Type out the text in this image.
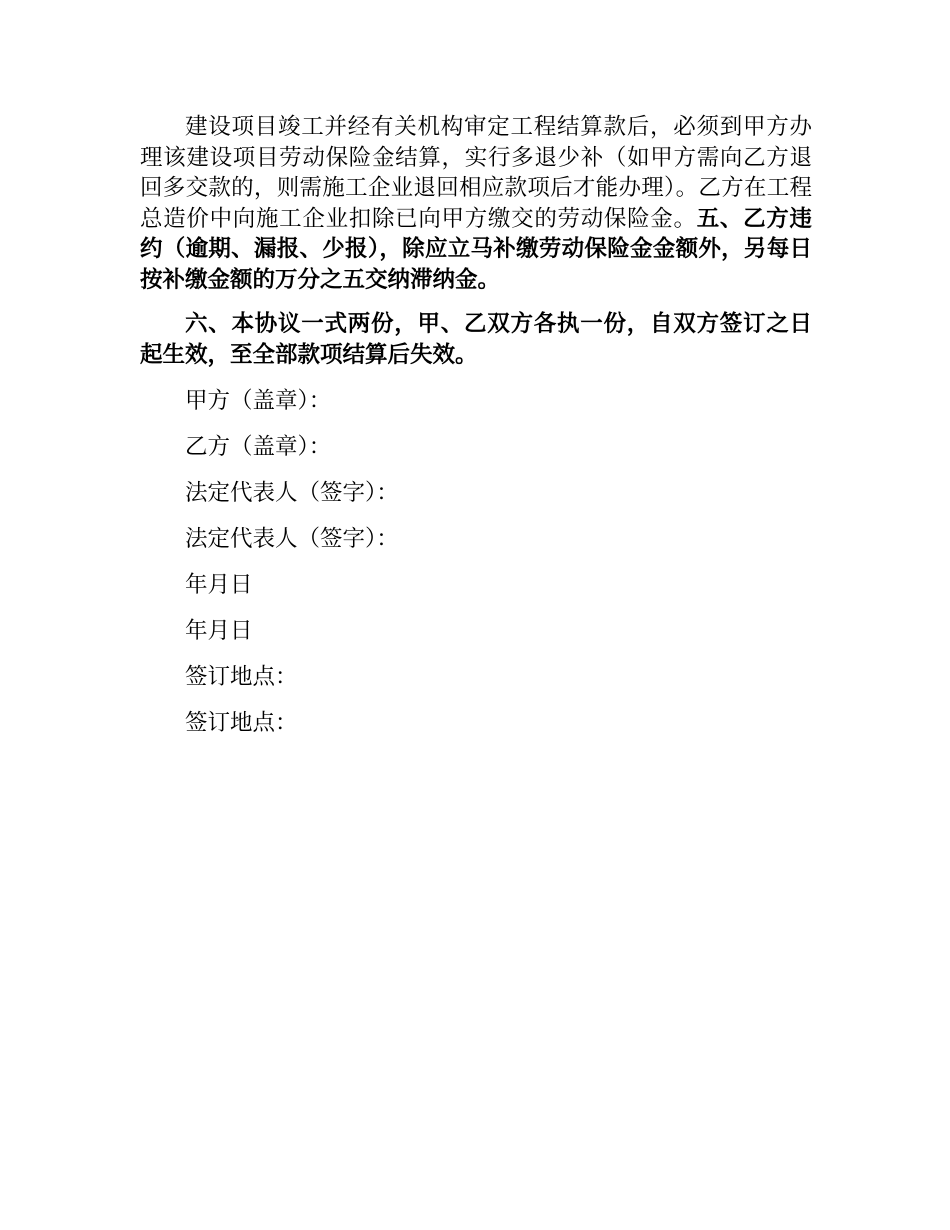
建设项目竣工并经有关机构审定工程结算款后，必须到甲方办理该建设项目劳动保险金结算，实行多退少补（如甲方需向乙方退回多交款的，则需施工企业退回相应款项后才能办理）。乙方在工程总造价中向施工企业扣除已向甲方缴交的劳动保险金。五、乙方违约（逾期、漏报、少报），除应立马补缴劳动保险金金额外，另每日按补缴金额的万分之五交纳滞纳金。

六、本协议一式两份，甲、乙双方各执一份，自双方签订之日起生效，至全部款项结算后失效。

甲方（盖章）：

乙方（盖章）：

法定代表人（签字）：

法定代表人（签字）：

年月日

年月日

签订地点：

签订地点：
